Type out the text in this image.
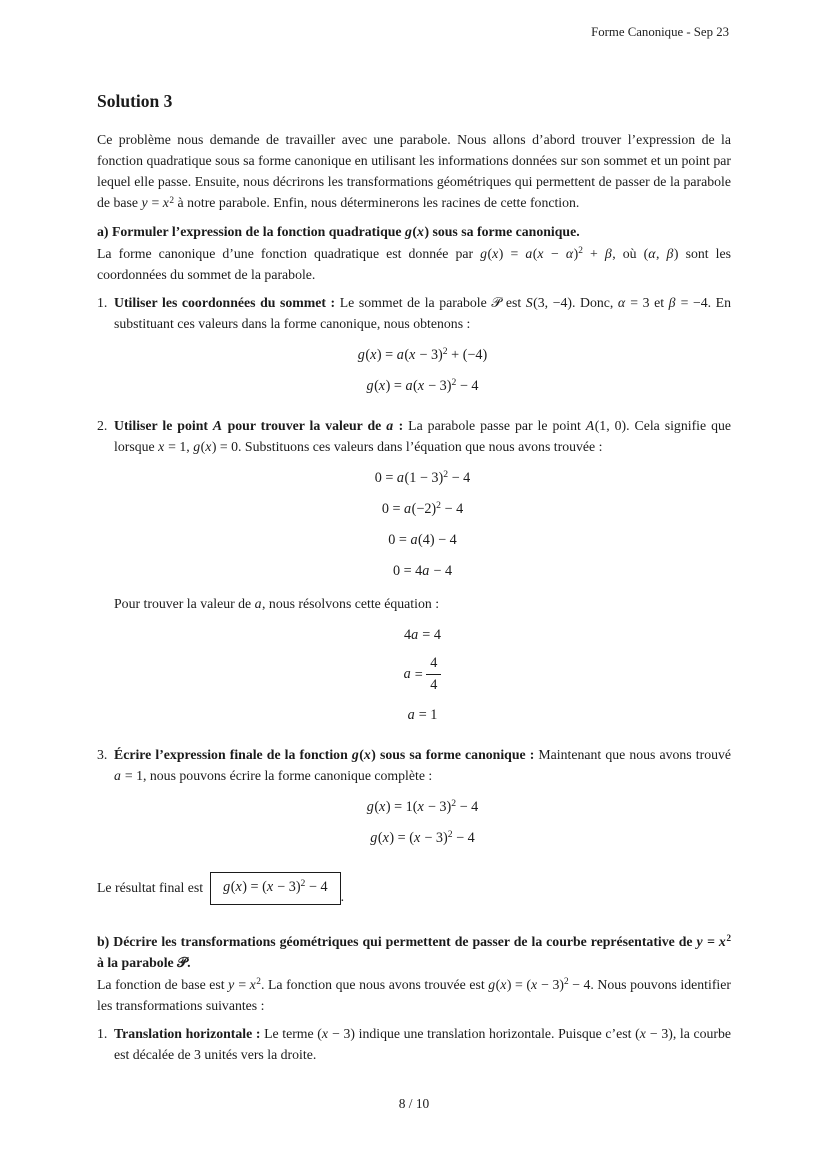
Forme Canonique - Sep 23
Solution 3

Ce problème nous demande de travailler avec une parabole. Nous allons d’abord trouver l’expression de la fonction quadratique sous sa forme canonique en utilisant les informations données sur son sommet et un point par lequel elle passe. Ensuite, nous décrirons les transformations géométriques qui permettent de passer de la parabole de base $y = x^2$ à notre parabole. Enfin, nous déterminerons les racines de cette fonction.

a) Formuler l’expression de la fonction quadratique g(x) sous sa forme canonique.

La forme canonique d’une fonction quadratique est donnée par $g(x) = a(x - \alpha)^2 + \beta$, où (α, β) sont les coordonnées du sommet de la parabole.

1. Utiliser les coordonnées du sommet : Le sommet de la parabole 𝒫 est S(3, −4). Donc, α = 3 et β = −4. En substituant ces valeurs dans la forme canonique, nous obtenons :

$g(x) = a(x - 3)^2 + (-4)$
$g(x) = a(x - 3)^2 - 4$
2. Utiliser le point A pour trouver la valeur de a : La parabole passe par le point A(1, 0). Cela signifie que lorsque x = 1, g(x) = 0. Substituons ces valeurs dans l’équation que nous avons trouvée :

$0 = a(1 - 3)^2 - 4$
$0 = a(-2)^2 - 4$
0 = a(4) − 4
0 = 4a − 4

Pour trouver la valeur de a, nous résolvons cette équation :

4a = 4
$a = \frac{4}{4}$
a = 1
3. Écrire l’expression finale de la fonction g(x) sous sa forme canonique : Maintenant que nous avons trouvé a = 1, nous pouvons écrire la forme canonique complète :

$g(x) = 1(x - 3)^2 - 4$
$g(x) = (x - 3)^2 - 4$

Le résultat final est	$g(x) = (x - 3)^2 - 4$
.

b) Décrire les transformations géométriques qui permettent de passer de la courbe représentative de $y = x^2$ à la parabole 𝒫.

La fonction de base est $y = x^2$. La fonction que nous avons trouvée est $g(x) = (x - 3)^2 - 4$. Nous pouvons identifier les transformations suivantes :

1. Translation horizontale : Le terme (x − 3) indique une translation horizontale. Puisque c’est (x − 3), la courbe est décalée de 3 unités vers la droite.

8 / 10
